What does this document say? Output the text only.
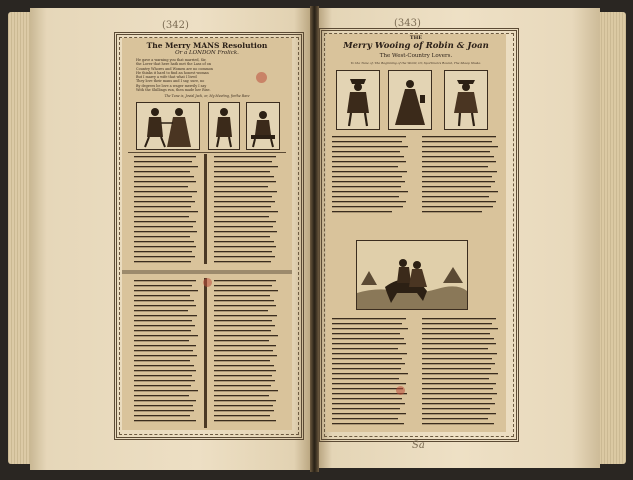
(342)
The Merry MANS Resolution
Or a LONDON Frolick.
He gave a warning you that married, Sir,
the Lover that here hath met the Lass of on
Country Whores and Women are no common
He thinks it hard to find an honest woman
But I marry a wife that what I lived
They love their mans and I say, sure, no
By degrees be love a wager merrily I say
With the Shillings run, then made her Rise.
The Tune is, Jovial Jack, or, My Meeting, forthe Rare
(343)
THE
Merry Wooing of Robin & Joan
The West-Country Lovers.
To the Tune of, The Beginning of the World, Or, Sportman's Round, The Sheep Shake.
Sa
